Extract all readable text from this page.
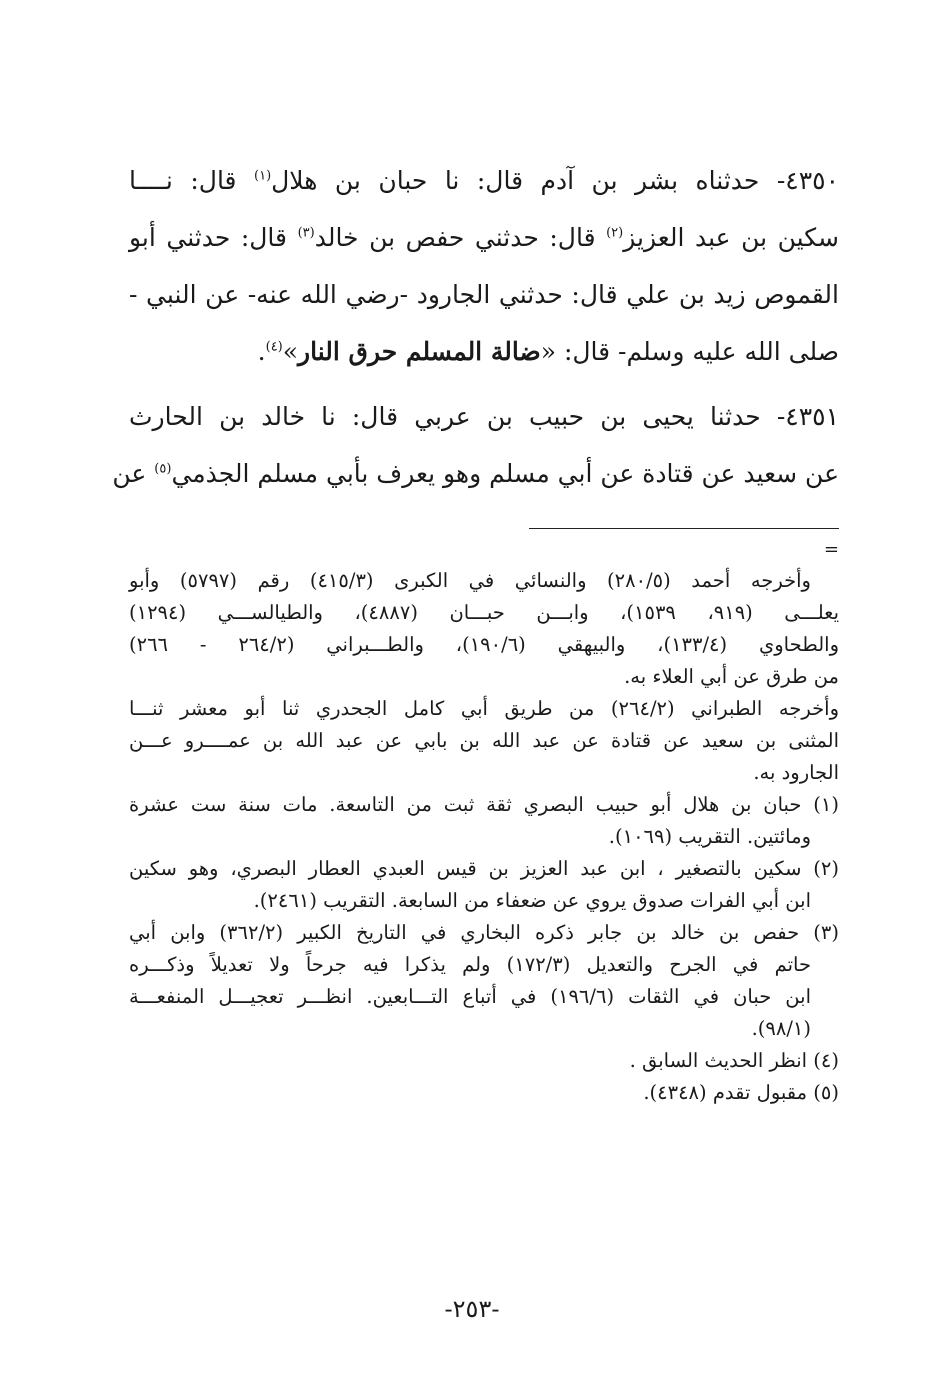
٤٣٥٠- حدثناه بشر بن آدم قال: نا حبان بن هلال$^{(١)}$ قال: نــــا
سكين بن عبد العزيز$^{(٢)}$ قال: حدثني حفص بن خالد$^{(٣)}$ قال: حدثني أبو
القموص زيد بن علي قال: حدثني الجارود -رضي الله عنه- عن النبي -
صلى الله عليه وسلم- قال: «ضالة المسلم حرق النار»$^{(٤)}$.
٤٣٥١- حدثنا يحيى بن حبيب بن عربي قال: نا خالد بن الحارث
عن سعيد عن قتادة عن أبي مسلم وهو يعرف بأبي مسلم الجذمي$^{(٥)}$ عن
=
وأخرجه أحمد (٢٨٠/٥) والنسائي في الكبرى (٤١٥/٣) رقم (٥٧٩٧) وأبو
يعلـــى (٩١٩، ١٥٣٩)، وابـــن حبـــان (٤٨٨٧)، والطيالســـي (١٢٩٤)
والطحاوي (١٣٣/٤)، والبيهقي (١٩٠/٦)، والطـــبراني (٢٦٤/٢ - ٢٦٦)
من طرق عن أبي العلاء به.
وأخرجه الطبراني (٢٦٤/٢) من طريق أبي كامل الجحدري ثنا أبو معشر ثنـــا
المثنى بن سعيد عن قتادة عن عبد الله بن بابي عن عبد الله بن عمــــرو عـــن
الجارود به.
(١) حبان بن هلال أبو حبيب البصري ثقة ثبت من التاسعة. مات سنة ست عشرة
ومائتين. التقريب (١٠٦٩).
(٢) سكين بالتصغير ، ابن عبد العزيز بن قيس العبدي العطار البصري، وهو سكين
ابن أبي الفرات صدوق يروي عن ضعفاء من السابعة. التقريب (٢٤٦١).
(٣) حفص بن خالد بن جابر ذكره البخاري في التاريخ الكبير (٣٦٢/٢) وابن أبي
حاتم في الجرح والتعديل (١٧٢/٣) ولم يذكرا فيه جرحاً ولا تعديلاً وذكـــره
ابن حبان في الثقات (١٩٦/٦) في أتباع التـــابعين. انظـــر تعجيـــل المنفعـــة
(٩٨/١).
(٤) انظر الحديث السابق .
(٥) مقبول تقدم (٤٣٤٨).
-٢٥٣-
